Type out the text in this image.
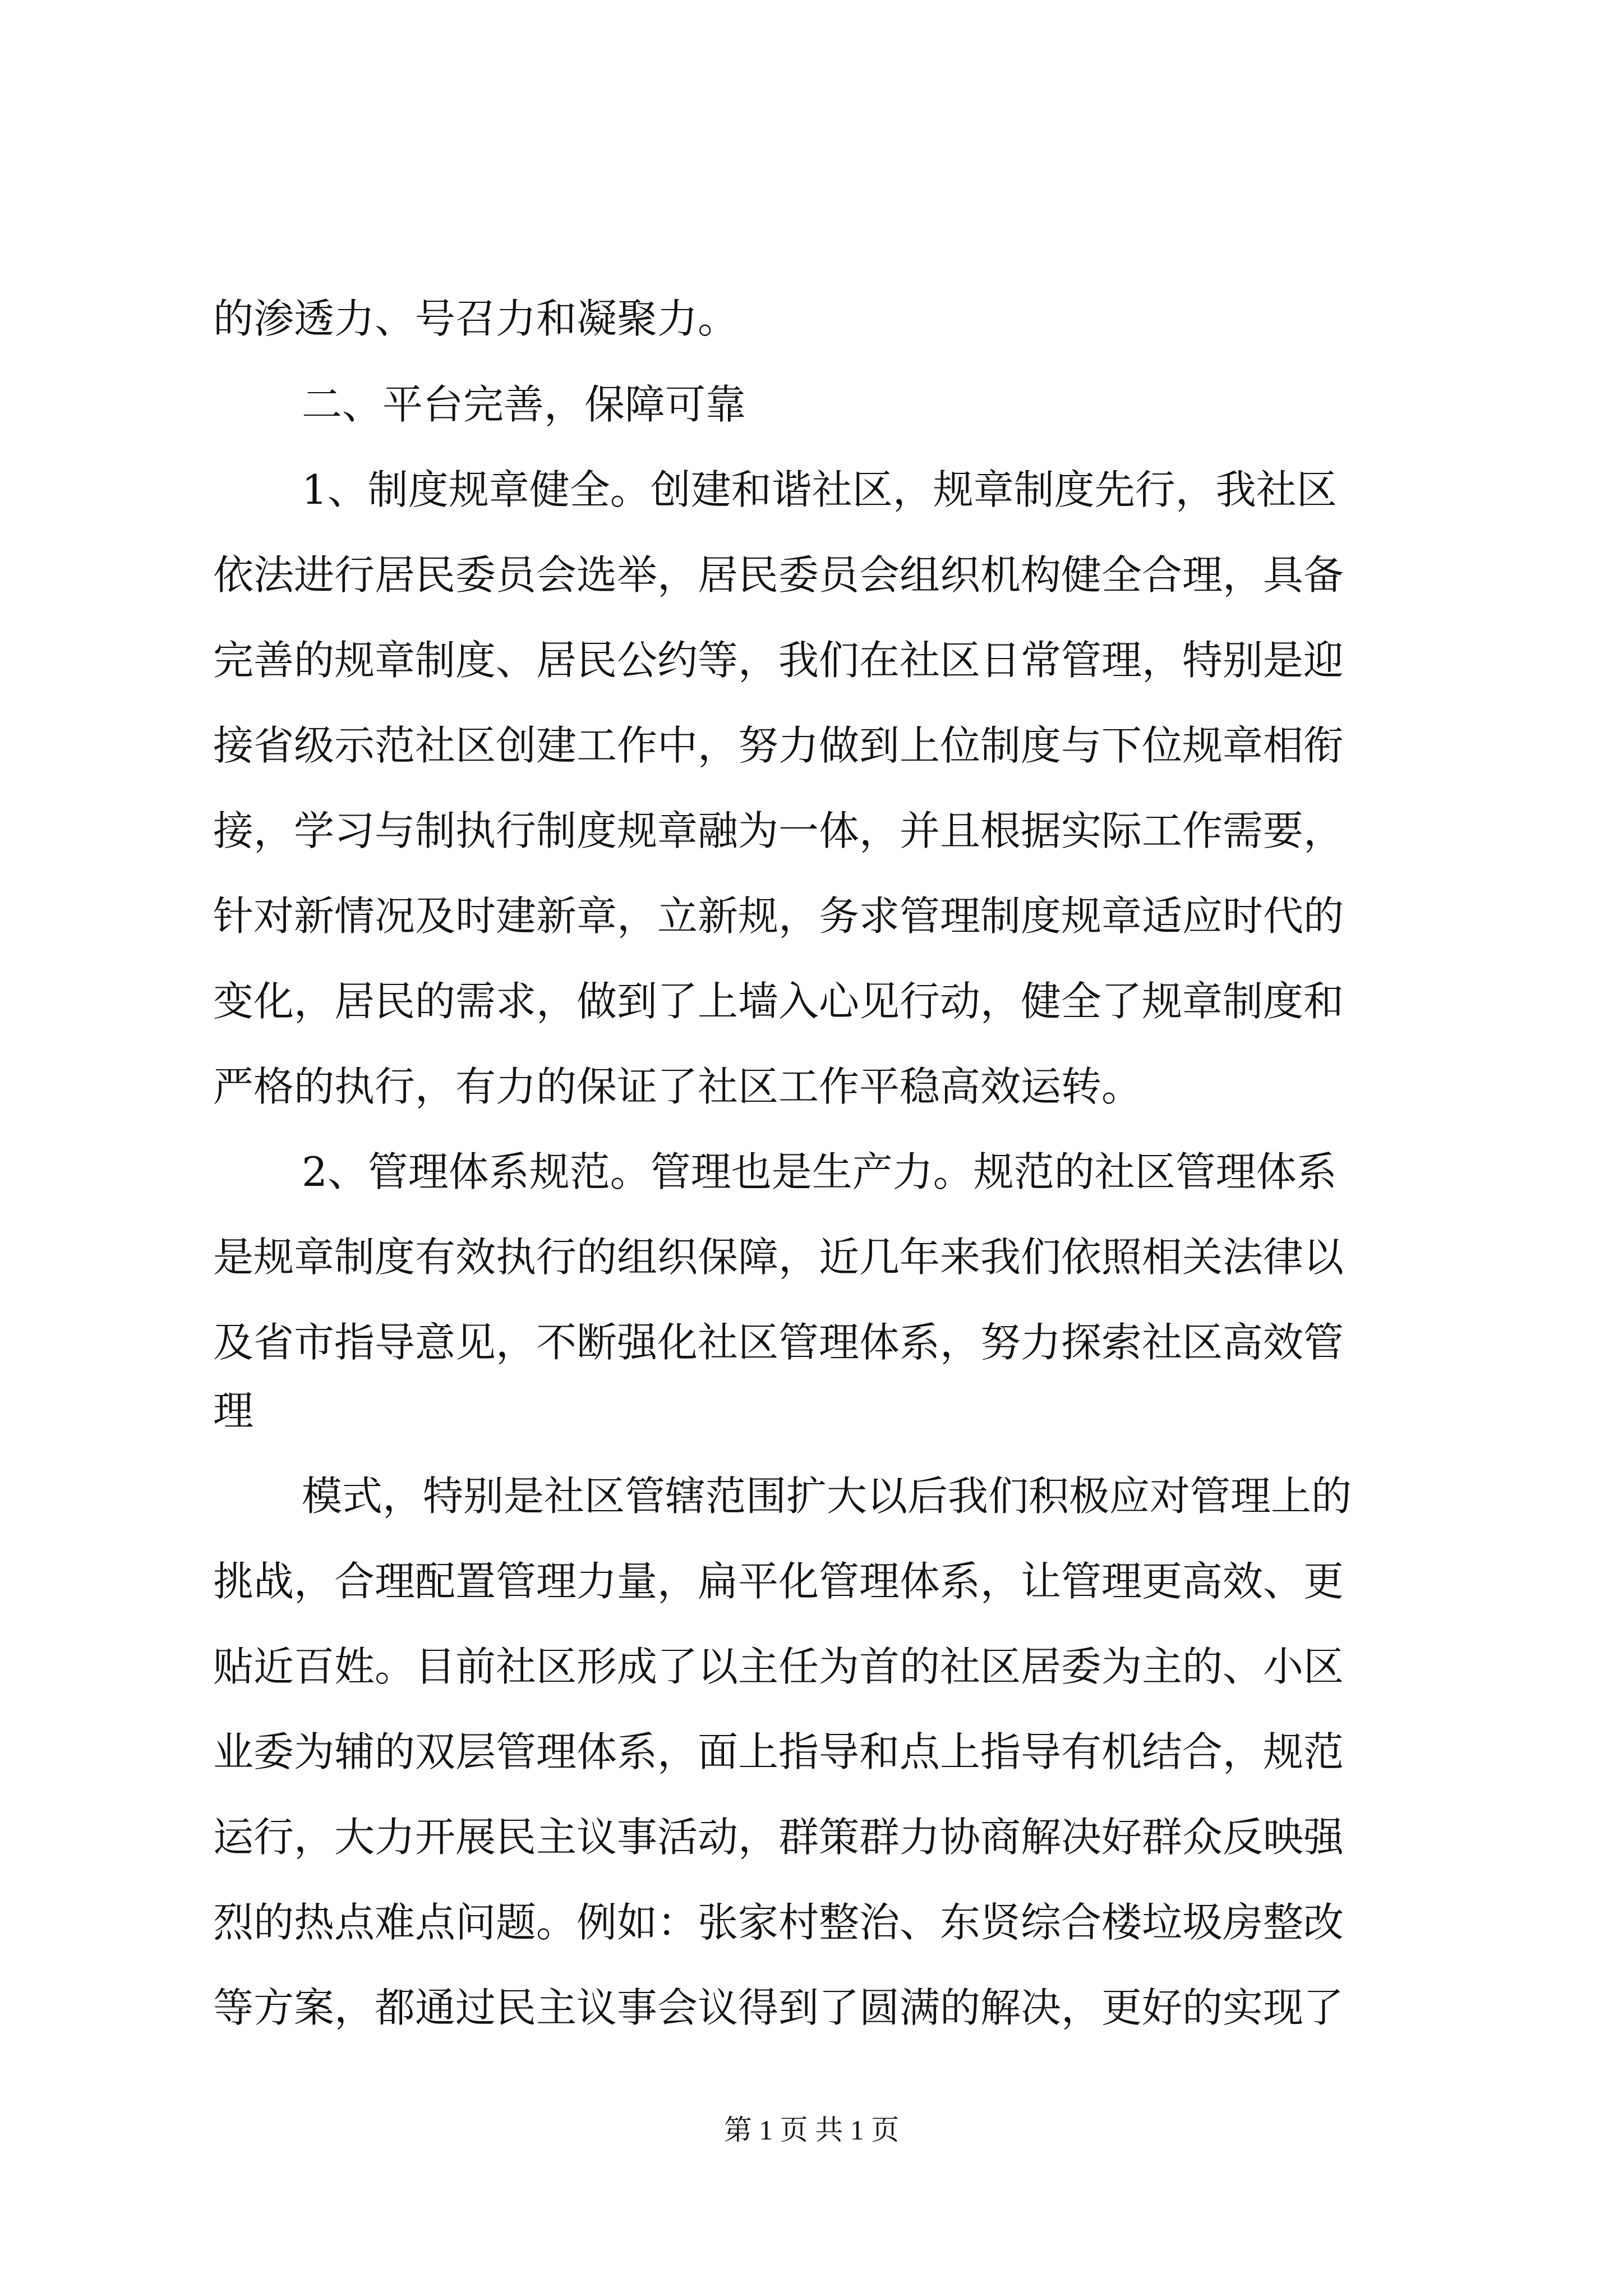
的渗透力、号召力和凝聚力。
二、平台完善，保障可靠
1、制度规章健全。创建和谐社区，规章制度先行，我社区
依法进行居民委员会选举，居民委员会组织机构健全合理，具备
完善的规章制度、居民公约等，我们在社区日常管理，特别是迎
接省级示范社区创建工作中，努力做到上位制度与下位规章相衔
接，学习与制执行制度规章融为一体，并且根据实际工作需要，
针对新情况及时建新章，立新规，务求管理制度规章适应时代的
变化，居民的需求，做到了上墙入心见行动，健全了规章制度和
严格的执行，有力的保证了社区工作平稳高效运转。
2、管理体系规范。管理也是生产力。规范的社区管理体系
是规章制度有效执行的组织保障，近几年来我们依照相关法律以
及省市指导意见，不断强化社区管理体系，努力探索社区高效管
理
模式，特别是社区管辖范围扩大以后我们积极应对管理上的
挑战，合理配置管理力量，扁平化管理体系，让管理更高效、更
贴近百姓。目前社区形成了以主任为首的社区居委为主的、小区
业委为辅的双层管理体系，面上指导和点上指导有机结合，规范
运行，大力开展民主议事活动，群策群力协商解决好群众反映强
烈的热点难点问题。例如：张家村整治、东贤综合楼垃圾房整改
等方案，都通过民主议事会议得到了圆满的解决，更好的实现了
第 1 页 共 1 页
